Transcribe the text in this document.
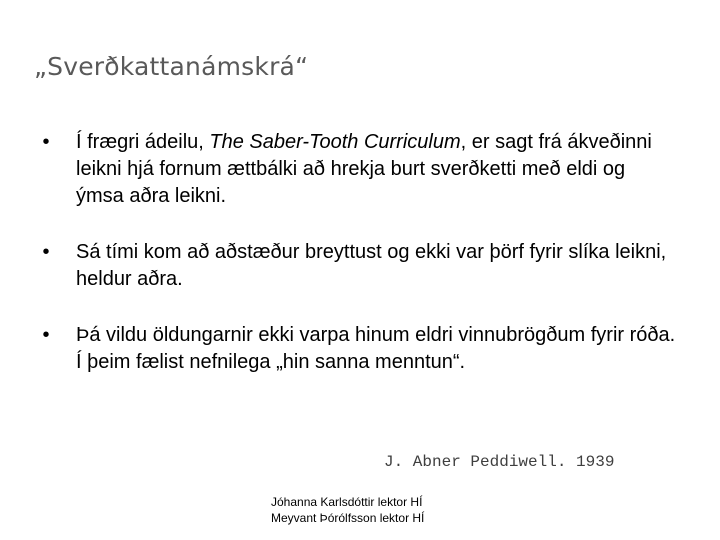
„Sverðkattanámskrá“
•	Í frægri ádeilu, The Saber-Tooth Curriculum, er sagt frá ákveðinni leikni hjá fornum ættbálki að hrekja burt sverðketti með eldi og ýmsa aðra leikni.
•	Sá tími kom að aðstæður breyttust og ekki var þörf fyrir slíka leikni, heldur aðra.
•	Þá vildu öldungarnir ekki varpa hinum eldri vinnubrögðum fyrir róða. Í þeim fælist nefnilega „hin sanna menntun“.
J. Abner Peddiwell. 1939
Jóhanna Karlsdóttir lektor HÍ
Meyvant Þórólfsson lektor HÍ
